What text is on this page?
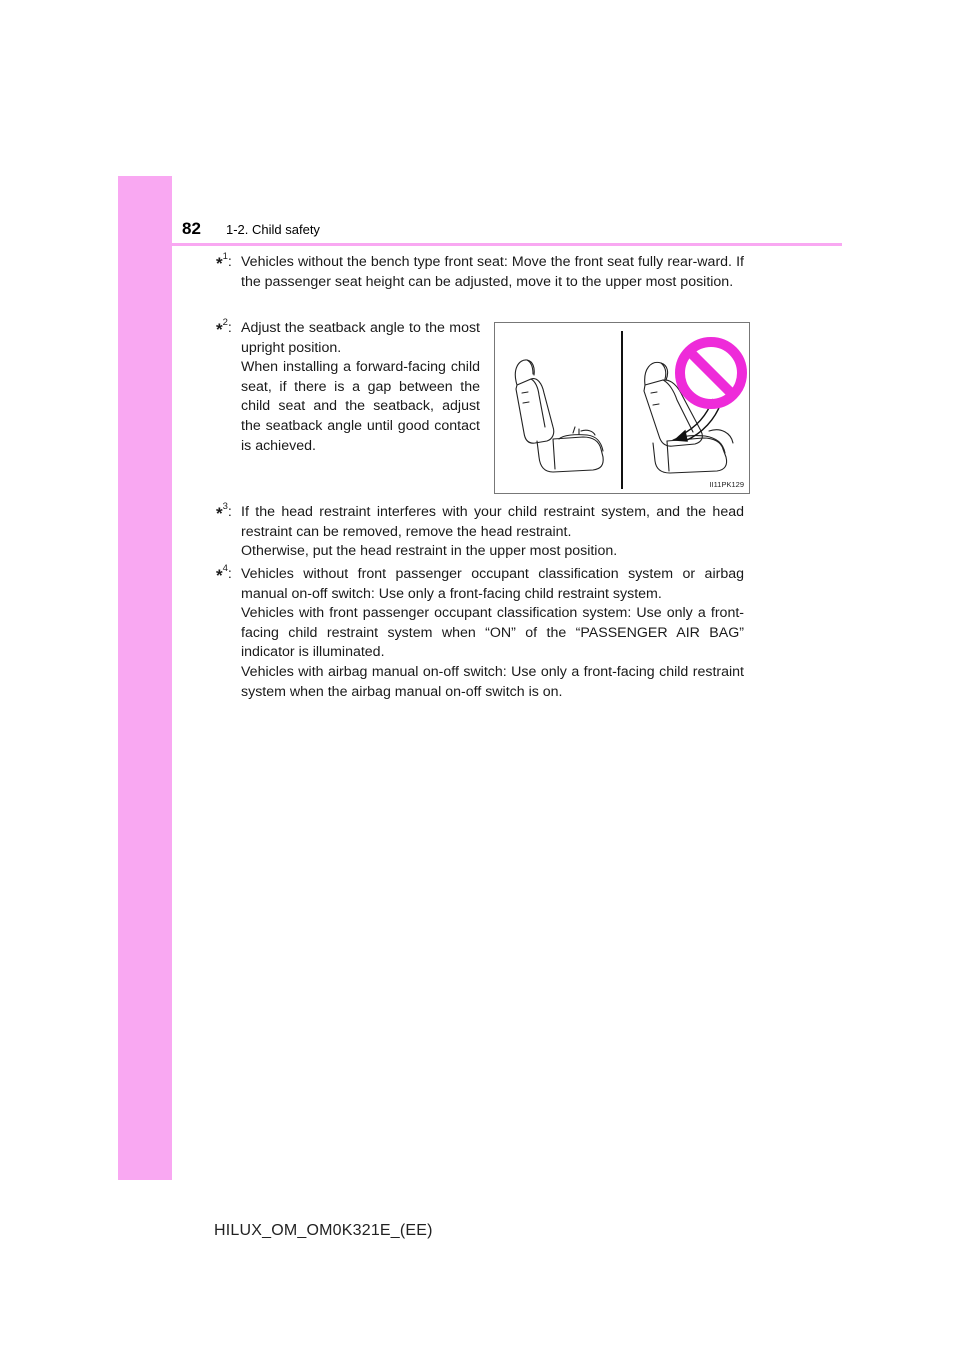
82 1-2. Child safety
*$^1$: Vehicles without the bench type front seat: Move the front seat fully rear-ward. If the passenger seat height can be adjusted, move it to the upper most position.

*$^2$: Adjust the seatback angle to the most upright position.

When installing a forward-facing child seat, if there is a gap between the child seat and the seatback, adjust the seatback angle until good contact is achieved.

II11PK129
*$^3$: If the head restraint interferes with your child restraint system, and the head restraint can be removed, remove the head restraint.

Otherwise, put the head restraint in the upper most position.

*$^4$: Vehicles without front passenger occupant classification system or airbag manual on-off switch: Use only a front-facing child restraint system.

Vehicles with front passenger occupant classification system: Use only a front-facing child restraint system when “ON” of the “PASSENGER AIR BAG” indicator is illuminated.

Vehicles with airbag manual on-off switch: Use only a front-facing child restraint system when the airbag manual on-off switch is on.

HILUX_OM_OM0K321E_(EE)
